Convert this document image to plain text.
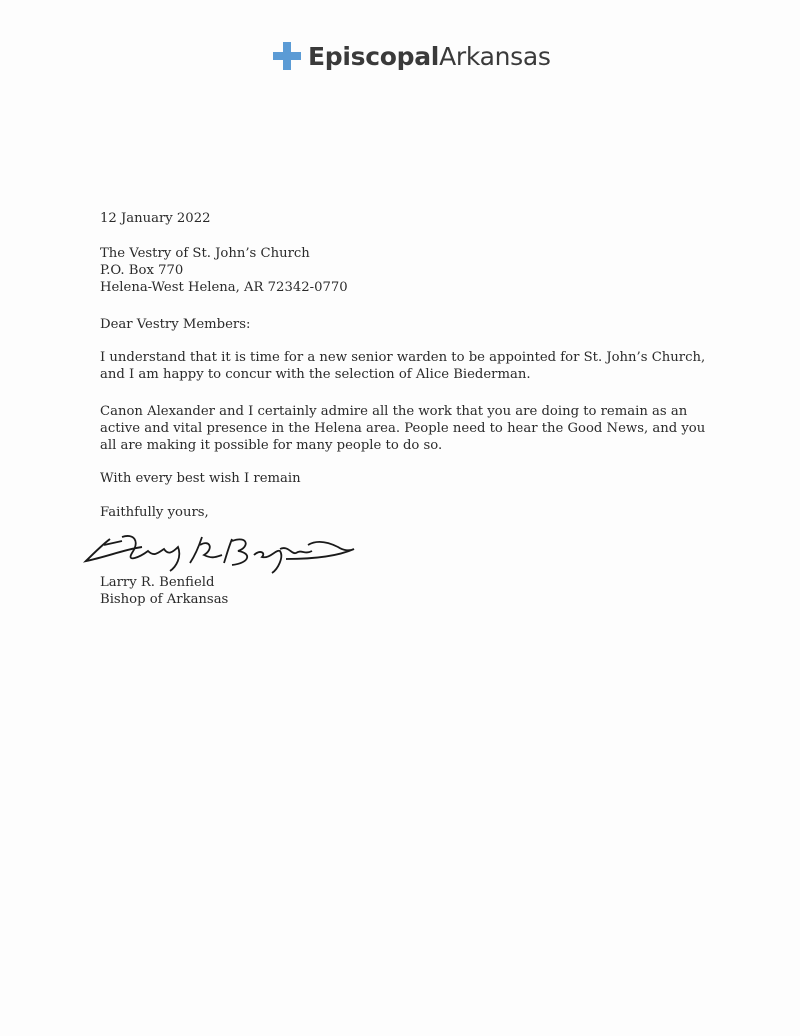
EpiscopalArkansas
12 January 2022
The Vestry of St. John’s Church
P.O. Box 770
Helena-West Helena, AR 72342-0770
Dear Vestry Members:
I understand that it is time for a new senior warden to be appointed for St. John’s Church,
and I am happy to concur with the selection of Alice Biederman.
Canon Alexander and I certainly admire all the work that you are doing to remain as an
active and vital presence in the Helena area. People need to hear the Good News, and you
all are making it possible for many people to do so.
With every best wish I remain
Faithfully yours,
Larry R. Benfield
Bishop of Arkansas
